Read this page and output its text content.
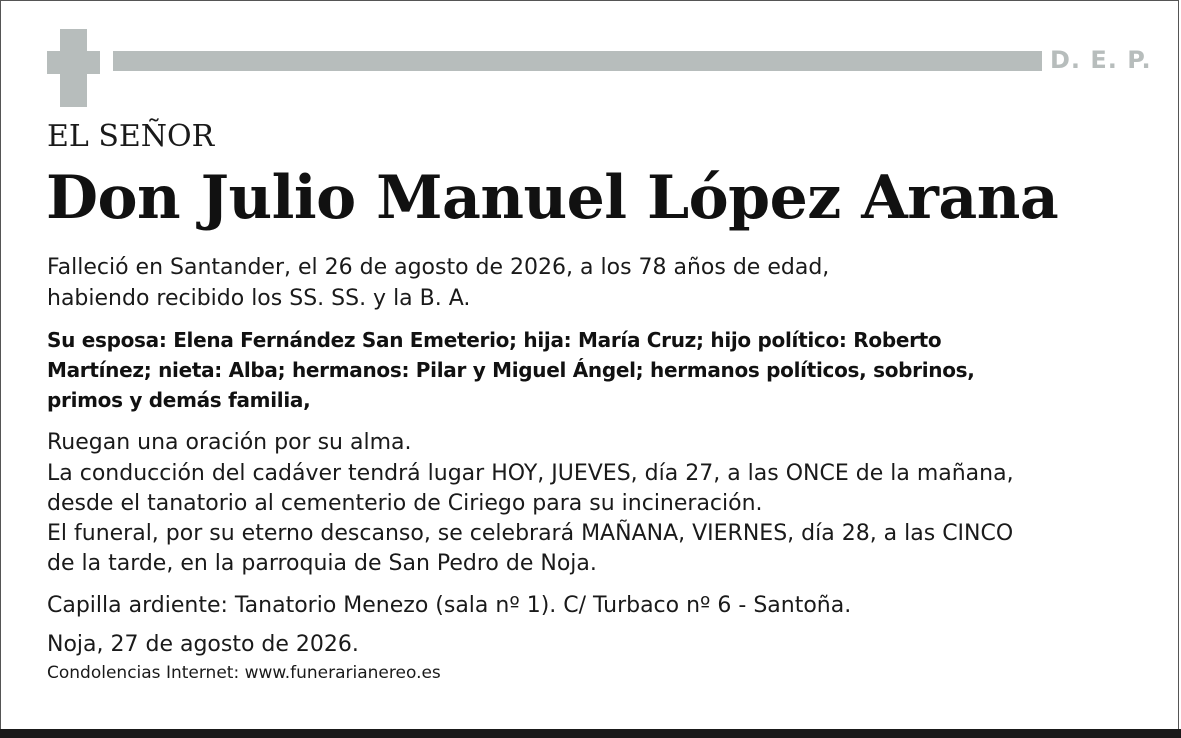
D. E. P.
EL SEÑOR
Don Julio Manuel López Arana
Falleció en Santander, el 26 de agosto de 2026, a los 78 años de edad,
habiendo recibido los SS. SS. y la B. A.
Su esposa: Elena Fernández San Emeterio; hija: María Cruz; hijo político: Roberto
Martínez; nieta: Alba; hermanos: Pilar y Miguel Ángel; hermanos políticos, sobrinos,
primos y demás familia,
Ruegan una oración por su alma.
La conducción del cadáver tendrá lugar HOY, JUEVES, día 27, a las ONCE de la mañana,
desde el tanatorio al cementerio de Ciriego para su incineración.
El funeral, por su eterno descanso, se celebrará MAÑANA, VIERNES, día 28, a las CINCO
de la tarde, en la parroquia de San Pedro de Noja.
Capilla ardiente: Tanatorio Menezo (sala nº 1). C/ Turbaco nº 6 - Santoña.
Noja, 27 de agosto de 2026.
Condolencias Internet: www.funerarianereo.es
